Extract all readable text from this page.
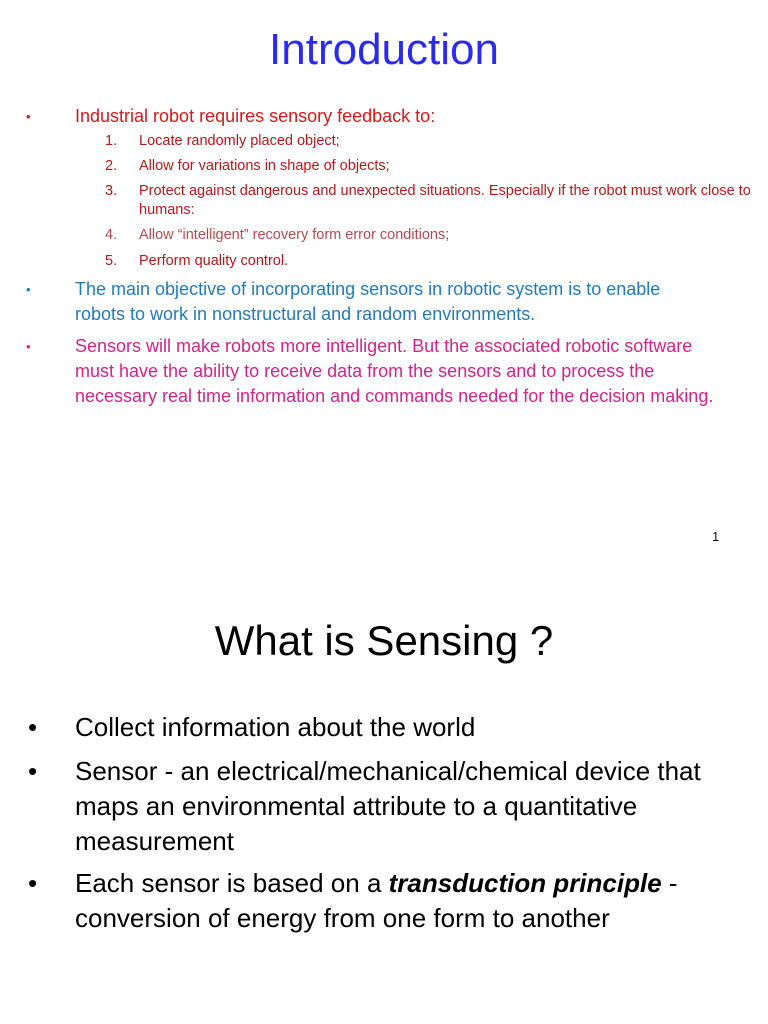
Introduction
• Industrial robot requires sensory feedback to:
1.	Locate randomly placed object;
2.	Allow for variations in shape of objects;
3.	Protect against dangerous and unexpected situations. Especially if the robot must work close to humans:
4.	Allow “intelligent” recovery form error conditions;
5.	Perform quality control.
• The main objective of incorporating sensors in robotic system is to enable robots to work in nonstructural and random environments.
• Sensors will make robots more intelligent. But the associated robotic software must have the ability to receive data from the sensors and to process the necessary real time information and commands needed for the decision making.
1
What is Sensing ?
• Collect information about the world
• Sensor - an electrical/mechanical/chemical device that maps an environmental attribute to a quantitative measurement
• Each sensor is based on a transduction principle - conversion of energy from one form to another
